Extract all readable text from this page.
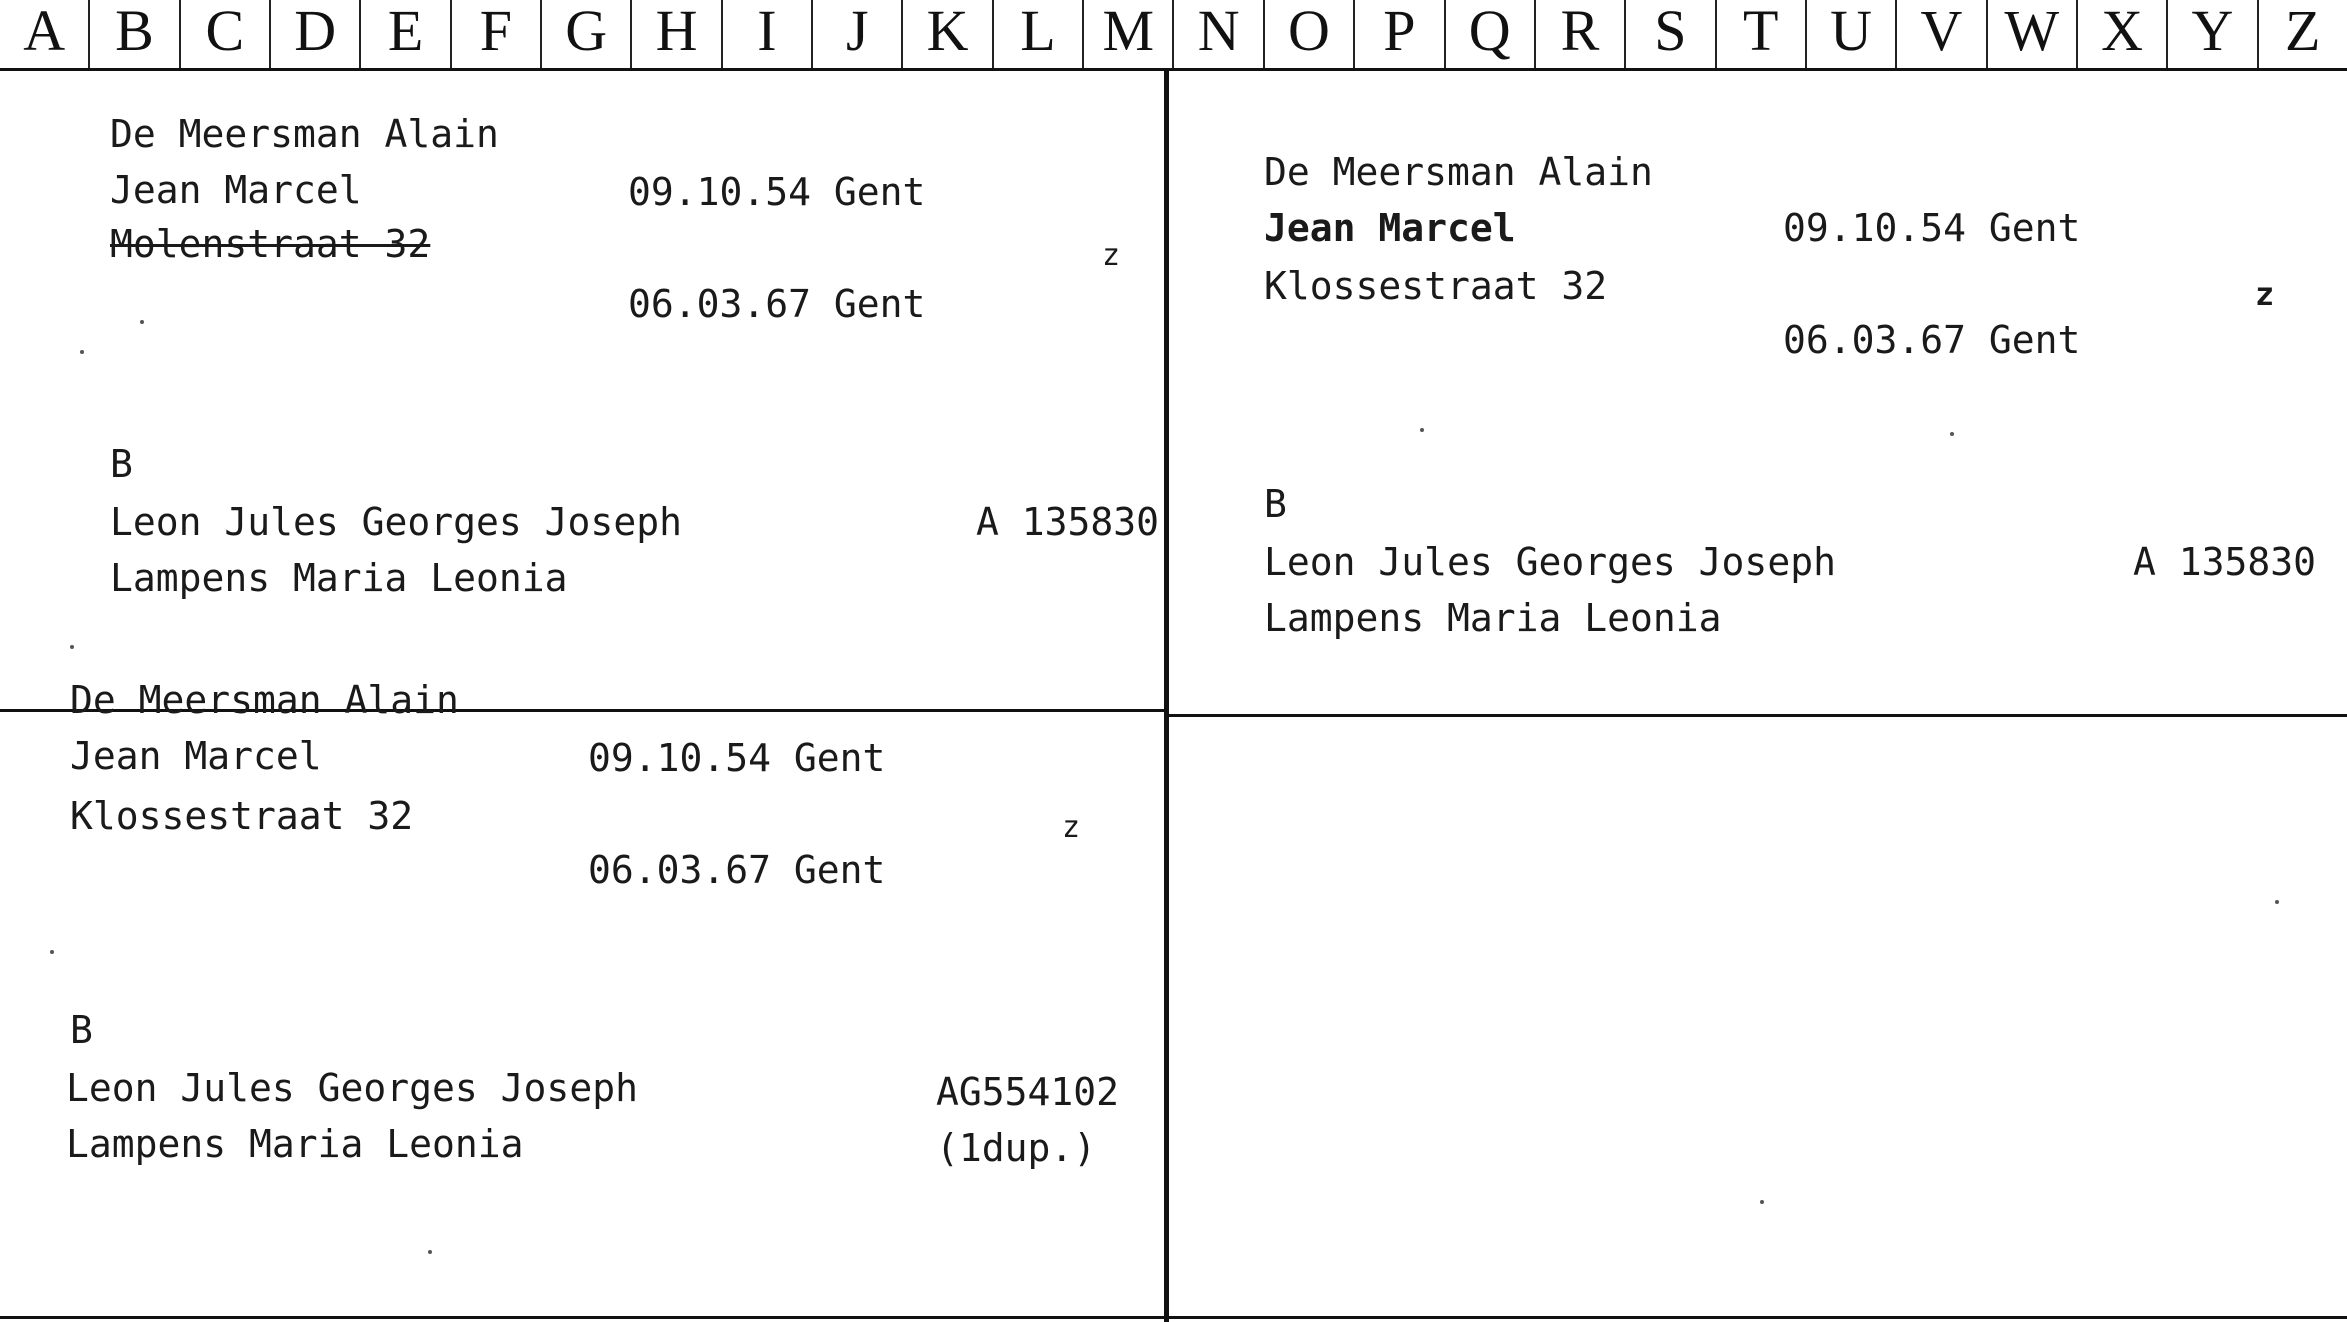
A B C D E F G H	I	J	K L M N O P Q R S T U V W X Y Z
De Meersman Alain
Jean Marcel	09.10.54 Gent
Molenstraat 32	z
06.03.67 Gent
B
Leon Jules Georges Joseph	A 135830
Lampens Maria Leonia
De Meersman Alain
Jean Marcel	09.10.54 Gent
Klossestraat 32	z
06.03.67 Gent
B
Leon Jules Georges Joseph	A 135830
Lampens Maria Leonia
De Meersman Alain
Jean Marcel	09.10.54 Gent
Klossestraat 32	z
06.03.67 Gent
B
Leon Jules Georges Joseph	AG554102
Lampens Maria Leonia	(1dup.)
